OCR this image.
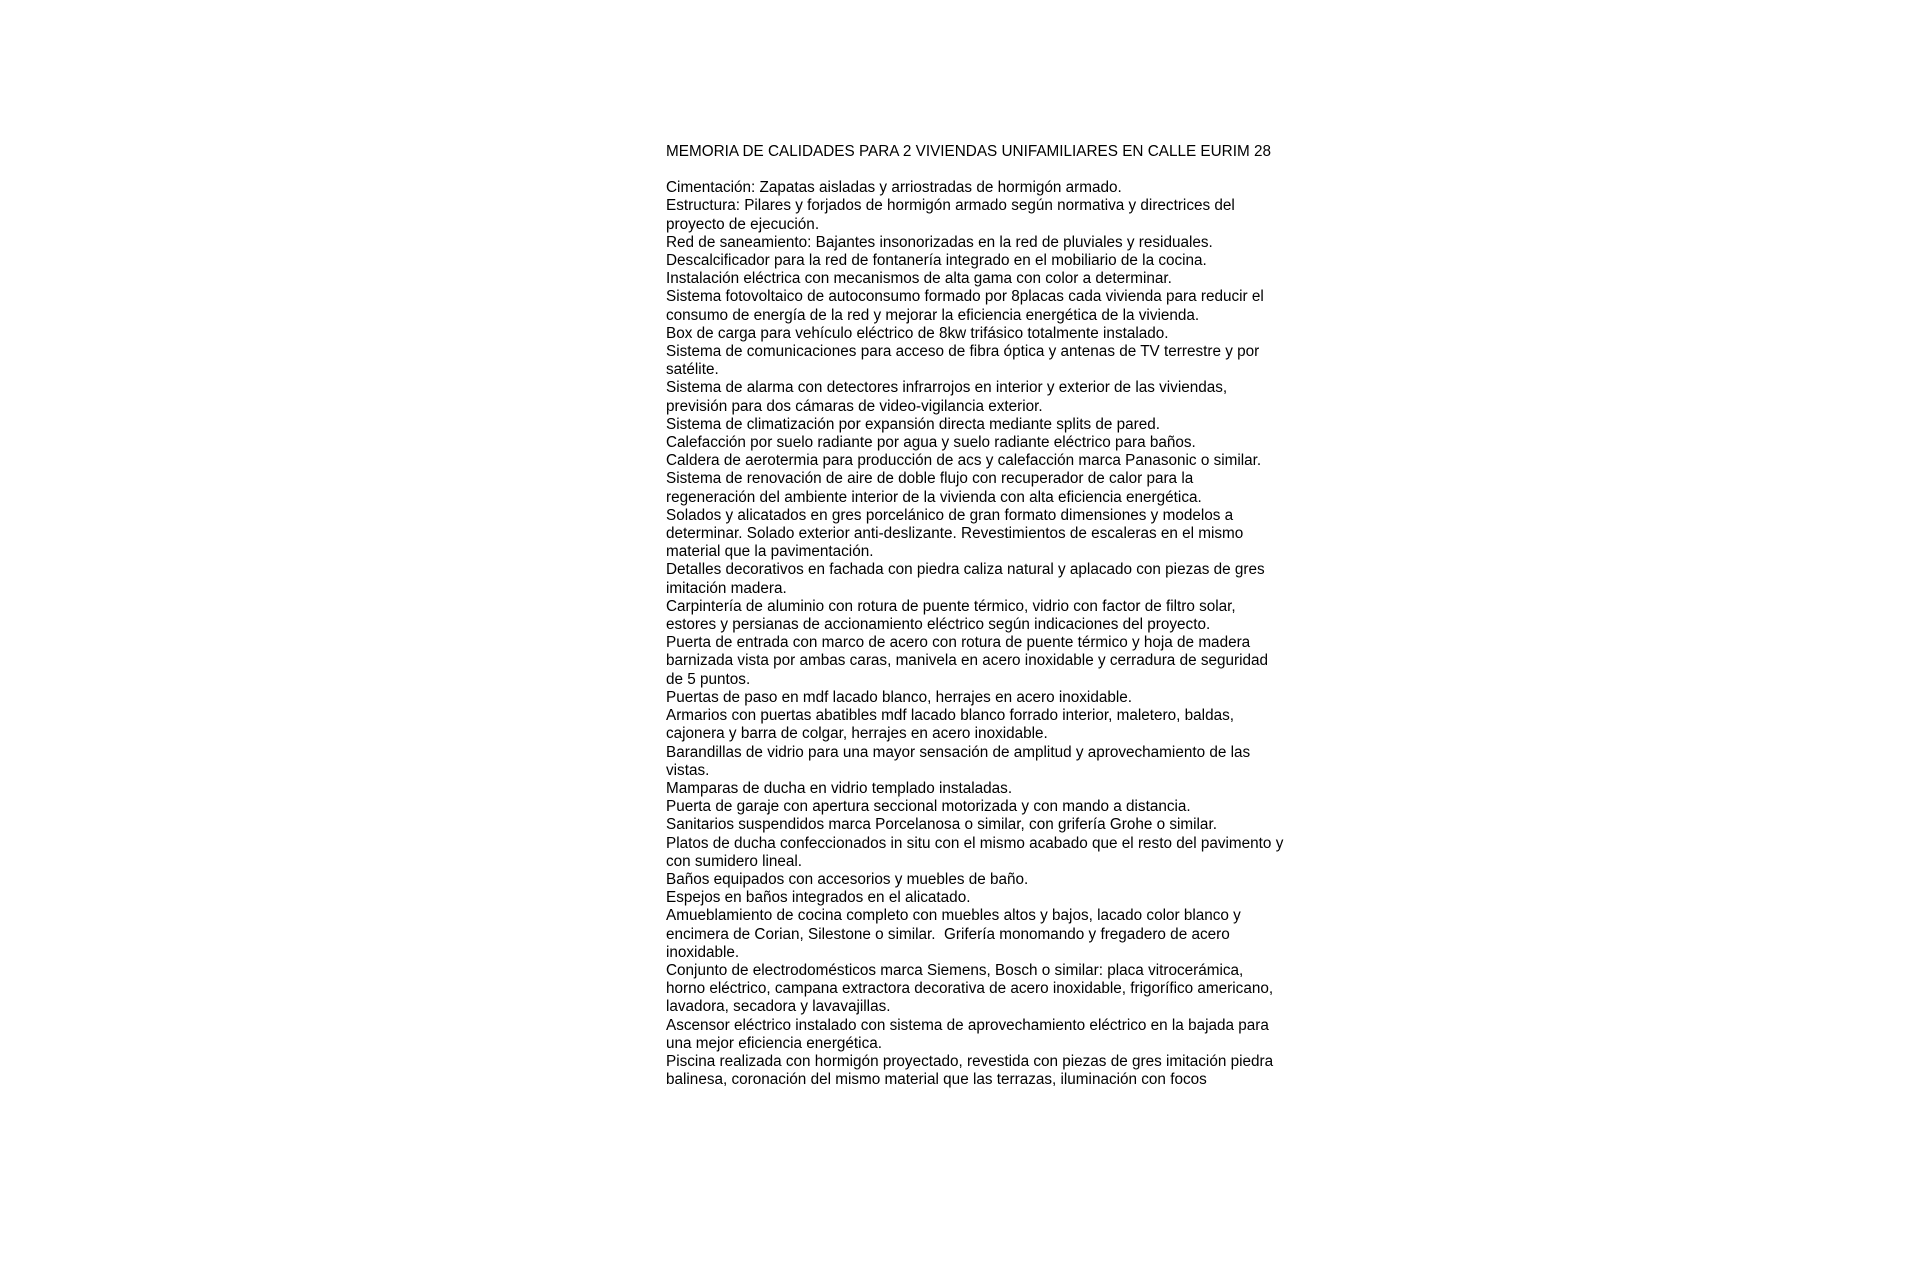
MEMORIA DE CALIDADES PARA 2 VIVIENDAS UNIFAMILIARES EN CALLE EURIM 28

Cimentación: Zapatas aisladas y arriostradas de hormigón armado.

Estructura: Pilares y forjados de hormigón armado según normativa y directrices del proyecto de ejecución.

Red de saneamiento: Bajantes insonorizadas en la red de pluviales y residuales.

Descalcificador para la red de fontanería integrado en el mobiliario de la cocina.

Instalación eléctrica con mecanismos de alta gama con color a determinar.

Sistema fotovoltaico de autoconsumo formado por 8placas cada vivienda para reducir el consumo de energía de la red y mejorar la eficiencia energética de la vivienda.

Box de carga para vehículo eléctrico de 8kw trifásico totalmente instalado.

Sistema de comunicaciones para acceso de fibra óptica y antenas de TV terrestre y por satélite.

Sistema de alarma con detectores infrarrojos en interior y exterior de las viviendas, previsión para dos cámaras de video-vigilancia exterior.

Sistema de climatización por expansión directa mediante splits de pared.

Calefacción por suelo radiante por agua y suelo radiante eléctrico para baños.

Caldera de aerotermia para producción de acs y calefacción marca Panasonic o similar.

Sistema de renovación de aire de doble flujo con recuperador de calor para la regeneración del ambiente interior de la vivienda con alta eficiencia energética.

Solados y alicatados en gres porcelánico de gran formato dimensiones y modelos a determinar. Solado exterior anti-deslizante. Revestimientos de escaleras en el mismo material que la pavimentación.

Detalles decorativos en fachada con piedra caliza natural y aplacado con piezas de gres imitación madera.

Carpintería de aluminio con rotura de puente térmico, vidrio con factor de filtro solar, estores y persianas de accionamiento eléctrico según indicaciones del proyecto.

Puerta de entrada con marco de acero con rotura de puente térmico y hoja de madera barnizada vista por ambas caras, manivela en acero inoxidable y cerradura de seguridad de 5 puntos.

Puertas de paso en mdf lacado blanco, herrajes en acero inoxidable.

Armarios con puertas abatibles mdf lacado blanco forrado interior, maletero, baldas, cajonera y barra de colgar, herrajes en acero inoxidable.

Barandillas de vidrio para una mayor sensación de amplitud y aprovechamiento de las vistas.

Mamparas de ducha en vidrio templado instaladas.

Puerta de garaje con apertura seccional motorizada y con mando a distancia.

Sanitarios suspendidos marca Porcelanosa o similar, con grifería Grohe o similar.

Platos de ducha confeccionados in situ con el mismo acabado que el resto del pavimento y con sumidero lineal.

Baños equipados con accesorios y muebles de baño.

Espejos en baños integrados en el alicatado.

Amueblamiento de cocina completo con muebles altos y bajos, lacado color blanco y encimera de Corian, Silestone o similar.  Grifería monomando y fregadero de acero inoxidable.

Conjunto de electrodomésticos marca Siemens, Bosch o similar: placa vitrocerámica, horno eléctrico, campana extractora decorativa de acero inoxidable, frigorífico americano, lavadora, secadora y lavavajillas.

Ascensor eléctrico instalado con sistema de aprovechamiento eléctrico en la bajada para una mejor eficiencia energética.

Piscina realizada con hormigón proyectado, revestida con piezas de gres imitación piedra balinesa, coronación del mismo material que las terrazas, iluminación con focos
